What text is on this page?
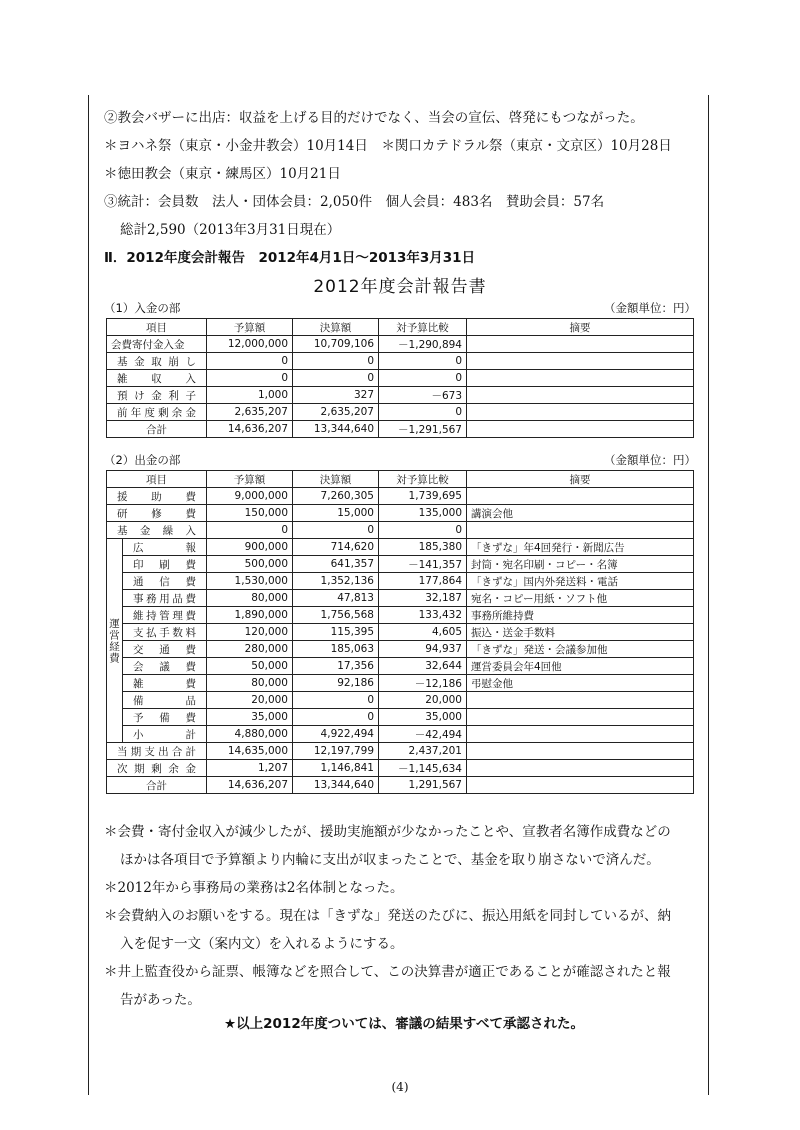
②教会バザーに出店：収益を上げる目的だけでなく、当会の宣伝、啓発にもつながった。

＊ヨハネ祭（東京・小金井教会）10月14日　＊関口カテドラル祭（東京・文京区）10月28日

＊徳田教会（東京・練馬区）10月21日

③統計：会員数　法人・団体会員：2,050件　個人会員：483名　賛助会員：57名

総計2,590（2013年3月31日現在）

Ⅱ．2012年度会計報告　2012年4月1日～2013年3月31日

2012年度会計報告書
（1）入金の部	（金額単位：円）
項目	予算額	決算額	対予算比較	摘要
会費寄付金入金	12,000,000	10,709,106	－1,290,894	
基金取崩し	0	0	0	
雑収入	0	0	0	
預け金利子	1,000	327	－673	
前年度剰余金	2,635,207	2,635,207	0	
合計	14,636,207	13,344,640	－1,291,567	
（2）出金の部	（金額単位：円）
項目		予算額	決算額	対予算比較	摘要
援助費		9,000,000	7,260,305	1,739,695	
研修費		150,000	15,000	135,000	講演会他
基金繰入		0	0	0	
運営経費	広報	900,000	714,620	185,380	「きずな」年4回発行・新聞広告
	印刷費	500,000	641,357	－141,357	封筒・宛名印刷・コピー・名簿
	通信費	1,530,000	1,352,136	177,864	「きずな」国内外発送料・電話
	事務用品費	80,000	47,813	32,187	宛名・コピー用紙・ソフト他
	維持管理費	1,890,000	1,756,568	133,432	事務所維持費
	支払手数料	120,000	115,395	4,605	振込・送金手数料
	交通費	280,000	185,063	94,937	「きずな」発送・会議参加他
	会議費	50,000	17,356	32,644	運営委員会年4回他
	雑費	80,000	92,186	－12,186	弔慰金他
	備品	20,000	0	20,000	
	予備費	35,000	0	35,000	
	小計	4,880,000	4,922,494	－42,494	
当期支出合計		14,635,000	12,197,799	2,437,201	
次期剰余金		1,207	1,146,841	－1,145,634	
合計		14,636,207	13,344,640	1,291,567	

＊会費・寄付金収入が減少したが、援助実施額が少なかったことや、宣教者名簿作成費などの

ほかは各項目で予算額より内輪に支出が収まったことで、基金を取り崩さないで済んだ。

＊2012年から事務局の業務は2名体制となった。

＊会費納入のお願いをする。現在は「きずな」発送のたびに、振込用紙を同封しているが、納

入を促す一文（案内文）を入れるようにする。

＊井上監査役から証票、帳簿などを照合して、この決算書が適正であることが確認されたと報

告があった。

★以上2012年度ついては、審議の結果すべて承認された。
(4)
